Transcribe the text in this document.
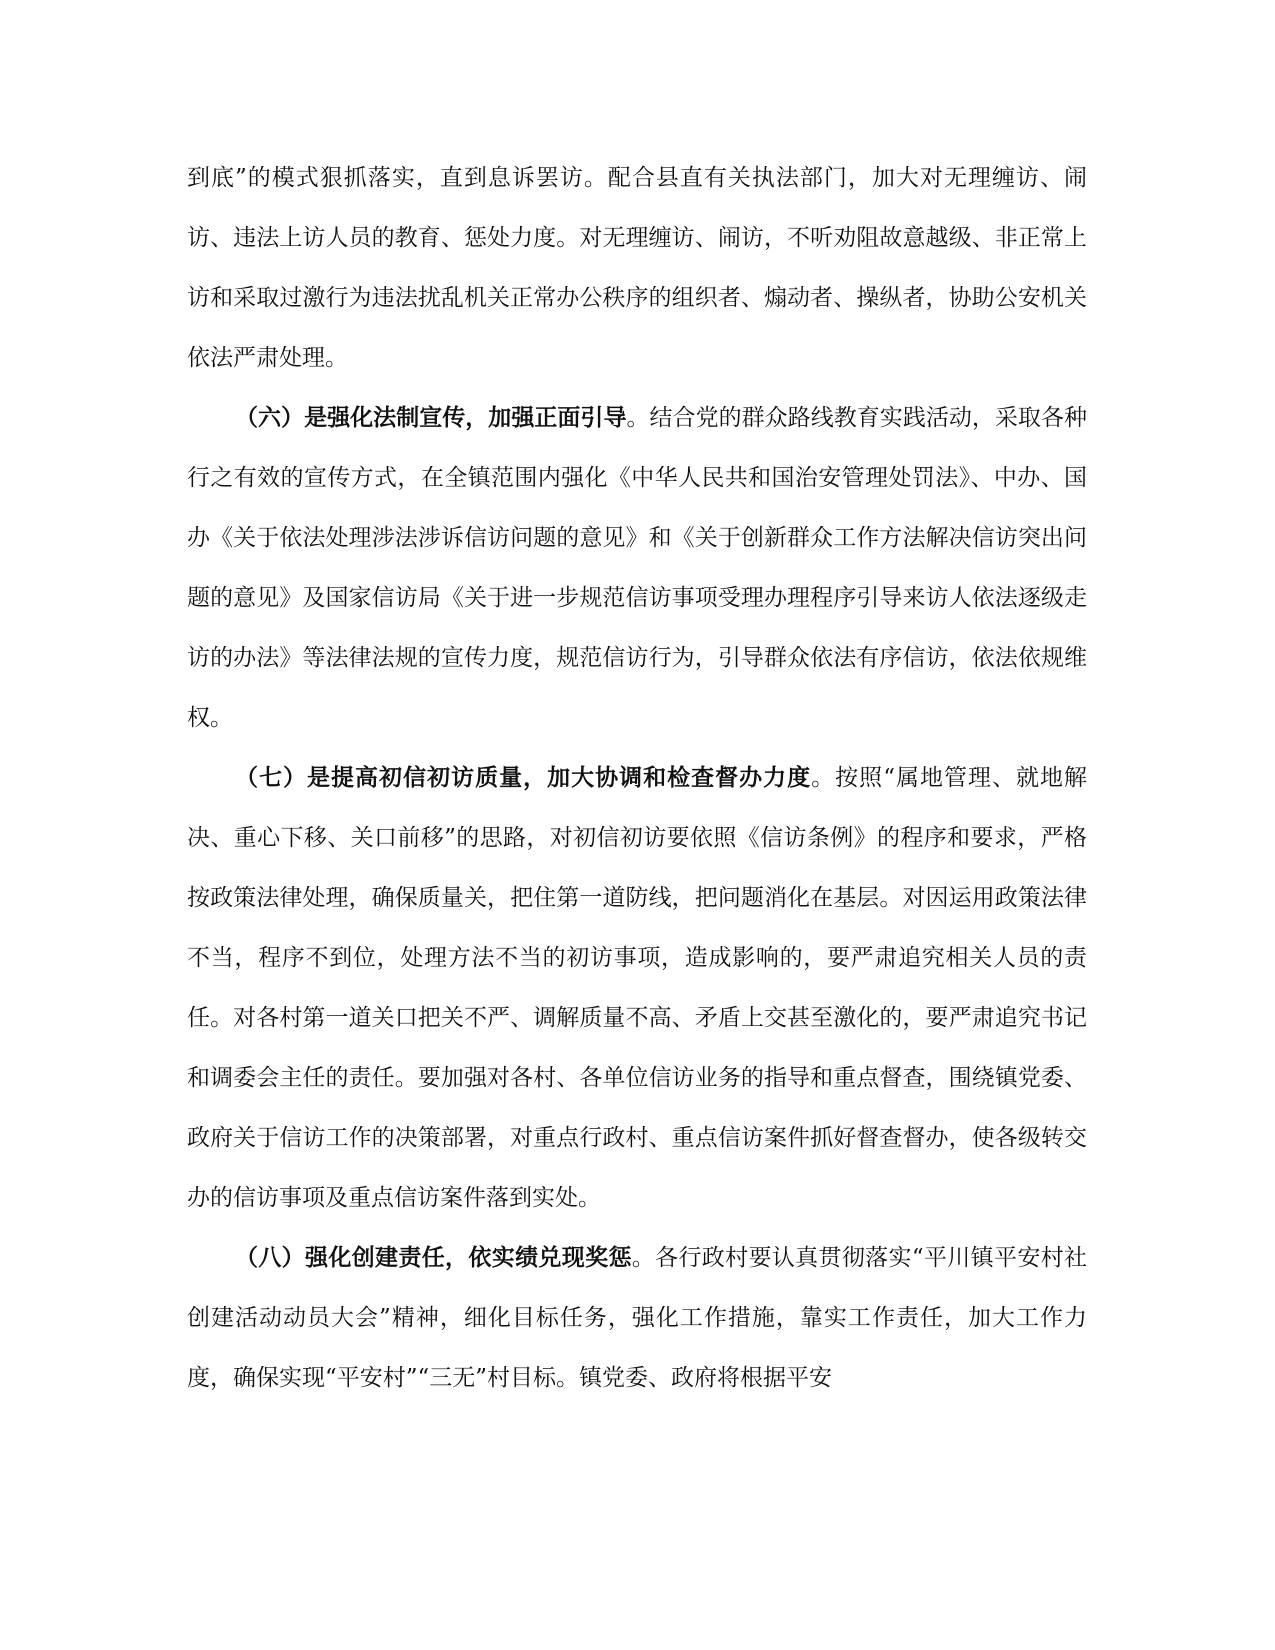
到底”的模式狠抓落实，直到息诉罢访。配合县直有关执法部门，加大对无理缠访、闹访、违法上访人员的教育、惩处力度。对无理缠访、闹访，不听劝阻故意越级、非正常上访和采取过激行为违法扰乱机关正常办公秩序的组织者、煽动者、操纵者，协助公安机关依法严肃处理。

（六）是强化法制宣传，加强正面引导。结合党的群众路线教育实践活动，采取各种行之有效的宣传方式，在全镇范围内强化《中华人民共和国治安管理处罚法》、中办、国办《关于依法处理涉法涉诉信访问题的意见》和《关于创新群众工作方法解决信访突出问题的意见》及国家信访局《关于进一步规范信访事项受理办理程序引导来访人依法逐级走访的办法》等法律法规的宣传力度，规范信访行为，引导群众依法有序信访，依法依规维权。

（七）是提高初信初访质量，加大协调和检查督办力度。按照“属地管理、就地解决、重心下移、关口前移”的思路，对初信初访要依照《信访条例》的程序和要求，严格按政策法律处理，确保质量关，把住第一道防线，把问题消化在基层。对因运用政策法律不当，程序不到位，处理方法不当的初访事项，造成影响的，要严肃追究相关人员的责任。对各村第一道关口把关不严、调解质量不高、矛盾上交甚至激化的，要严肃追究书记和调委会主任的责任。要加强对各村、各单位信访业务的指导和重点督查，围绕镇党委、政府关于信访工作的决策部署，对重点行政村、重点信访案件抓好督查督办，使各级转交办的信访事项及重点信访案件落到实处。

（八）强化创建责任，依实绩兑现奖惩。各行政村要认真贯彻落实“平川镇平安村社创建活动动员大会”精神，细化目标任务，强化工作措施，靠实工作责任，加大工作力度，确保实现“平安村”“三无”村目标。镇党委、政府将根据平安
